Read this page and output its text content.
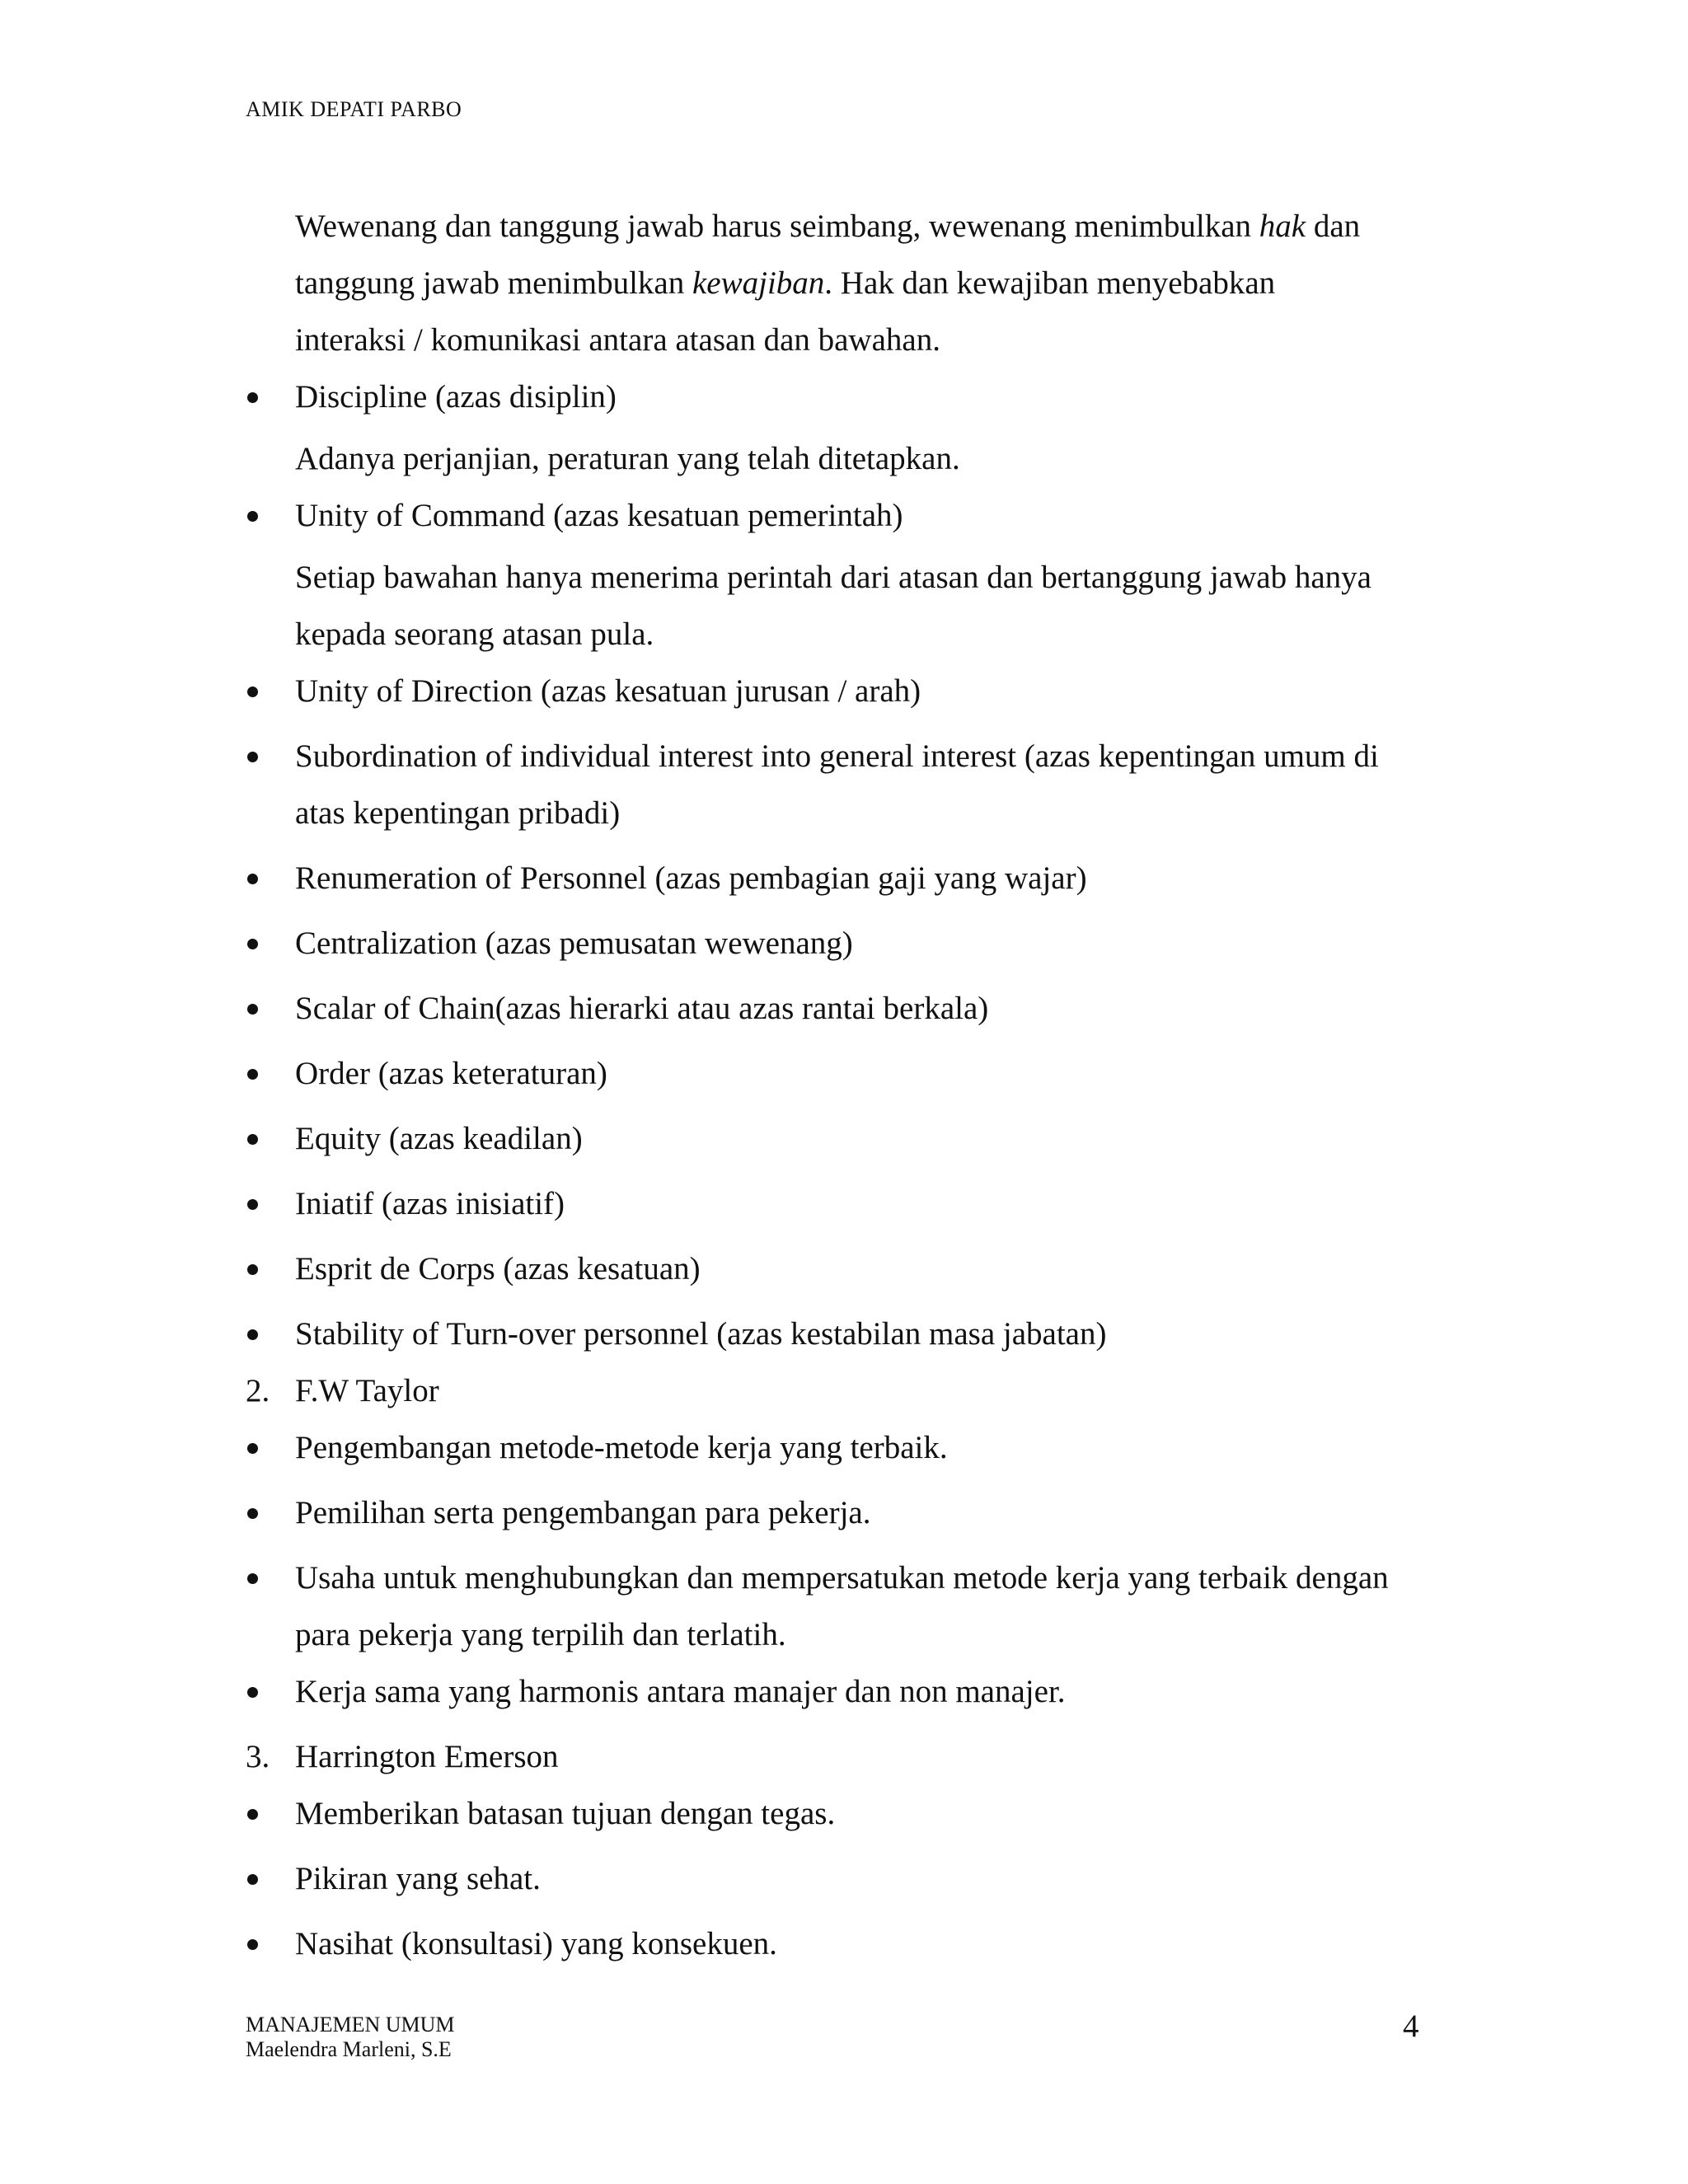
AMIK DEPATI PARBO

Wewenang dan tanggung jawab harus seimbang, wewenang menimbulkan hak dan

tanggung jawab menimbulkan kewajiban. Hak dan kewajiban menyebabkan

interaksi / komunikasi antara atasan dan bawahan.

Discipline (azas disiplin)

Adanya perjanjian, peraturan yang telah ditetapkan.

Unity of Command (azas kesatuan pemerintah)

Setiap bawahan hanya menerima perintah dari atasan dan bertanggung jawab hanya

kepada seorang atasan pula.

Unity of Direction (azas kesatuan jurusan / arah)

Subordination of individual interest into general interest (azas kepentingan umum di

atas kepentingan pribadi)

Renumeration of Personnel (azas pembagian gaji yang wajar)

Centralization (azas pemusatan wewenang)

Scalar of Chain(azas hierarki atau azas rantai berkala)

Order (azas keteraturan)

Equity (azas keadilan)

Iniatif (azas inisiatif)

Esprit de Corps (azas kesatuan)

Stability of Turn-over personnel (azas kestabilan masa jabatan)

2. F.W Taylor

Pengembangan metode-metode kerja yang terbaik.

Pemilihan serta pengembangan para pekerja.

Usaha untuk menghubungkan dan mempersatukan metode kerja yang terbaik dengan

para pekerja yang terpilih dan terlatih.

Kerja sama yang harmonis antara manajer dan non manajer.

3. Harrington Emerson

Memberikan batasan tujuan dengan tegas.

Pikiran yang sehat.

Nasihat (konsultasi) yang konsekuen.

MANAJEMEN UMUM
Maelendra Marleni, S.E
4
